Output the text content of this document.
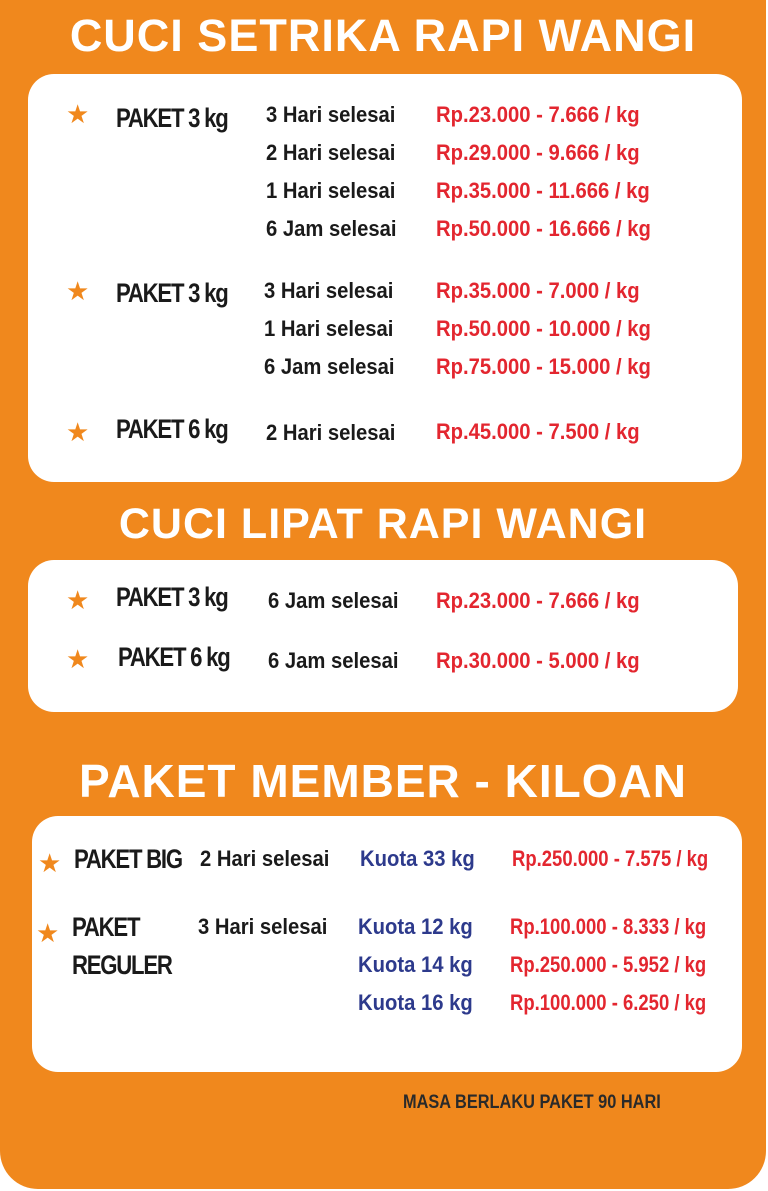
CUCI SETRIKA RAPI WANGI
★ PAKET 3 kg 3 Hari selesai Rp.23.000 - 7.666 / kg
2 Hari selesai Rp.29.000 - 9.666 / kg
1 Hari selesai Rp.35.000 - 11.666 / kg
6 Jam selesai Rp.50.000 - 16.666 / kg
★ PAKET 3 kg 3 Hari selesai Rp.35.000 - 7.000 / kg
1 Hari selesai Rp.50.000 - 10.000 / kg
6 Jam selesai Rp.75.000 - 15.000 / kg
★ PAKET 6 kg 2 Hari selesai Rp.45.000 - 7.500 / kg
CUCI LIPAT RAPI WANGI
★ PAKET 3 kg 6 Jam selesai Rp.23.000 - 7.666 / kg
★ PAKET 6 kg 6 Jam selesai Rp.30.000 - 5.000 / kg
PAKET MEMBER - KILOAN
★ PAKET BIG 2 Hari selesai Kuota 33 kg Rp.250.000 - 7.575 / kg
★ PAKET
REGULER
3 Hari selesai Kuota 12 kg Rp.100.000 - 8.333 / kg
Kuota 14 kg Rp.250.000 - 5.952 / kg
Kuota 16 kg Rp.100.000 - 6.250 / kg
MASA BERLAKU PAKET 90 HARI
